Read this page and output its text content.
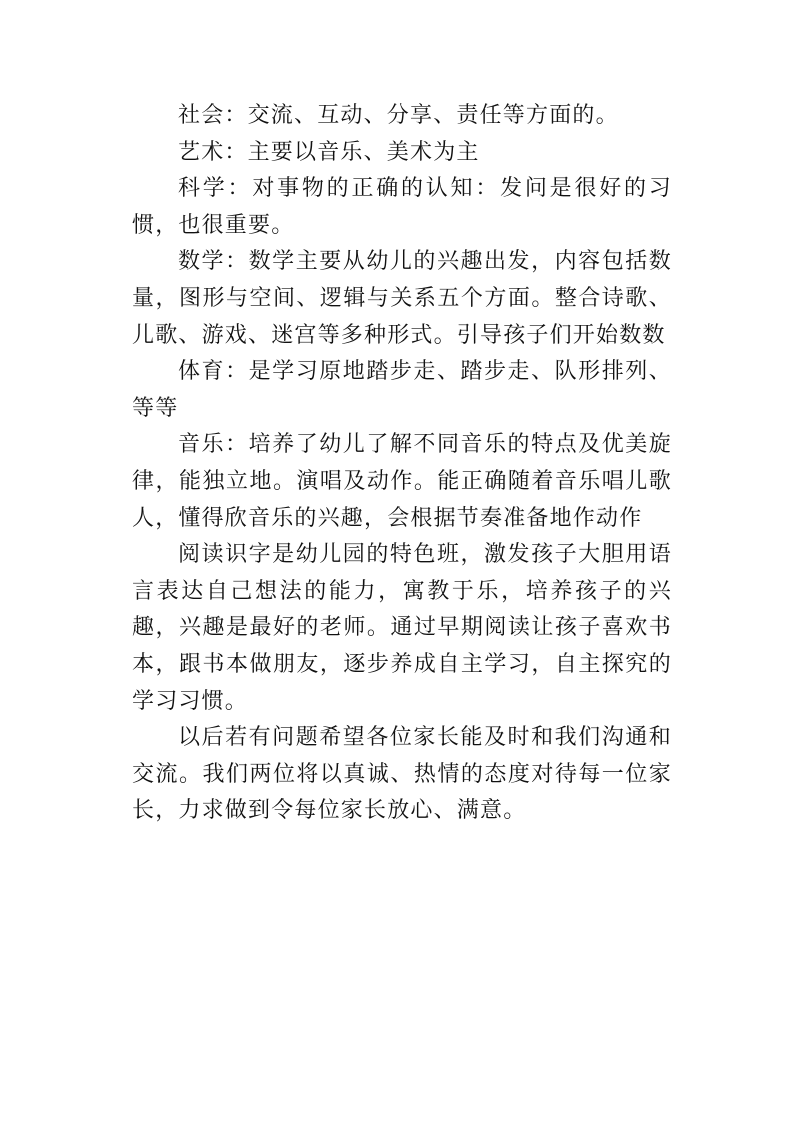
社会：交流、互动、分享、责任等方面的。

艺术：主要以音乐、美术为主

科学：对事物的正确的认知：发问是很好的习惯，也很重要。

数学：数学主要从幼儿的兴趣出发，内容包括数量，图形与空间、逻辑与关系五个方面。整合诗歌、儿歌、游戏、迷宫等多种形式。引导孩子们开始数数

体育：是学习原地踏步走、踏步走、队形排列、等等

音乐：培养了幼儿了解不同音乐的特点及优美旋律，能独立地。演唱及动作。能正确随着音乐唱儿歌人，懂得欣音乐的兴趣，会根据节奏准备地作动作

阅读识字是幼儿园的特色班，激发孩子大胆用语言表达自己想法的能力，寓教于乐，培养孩子的兴趣，兴趣是最好的老师。通过早期阅读让孩子喜欢书本，跟书本做朋友，逐步养成自主学习，自主探究的学习习惯。

以后若有问题希望各位家长能及时和我们沟通和交流。我们两位将以真诚、热情的态度对待每一位家长，力求做到令每位家长放心、满意。
